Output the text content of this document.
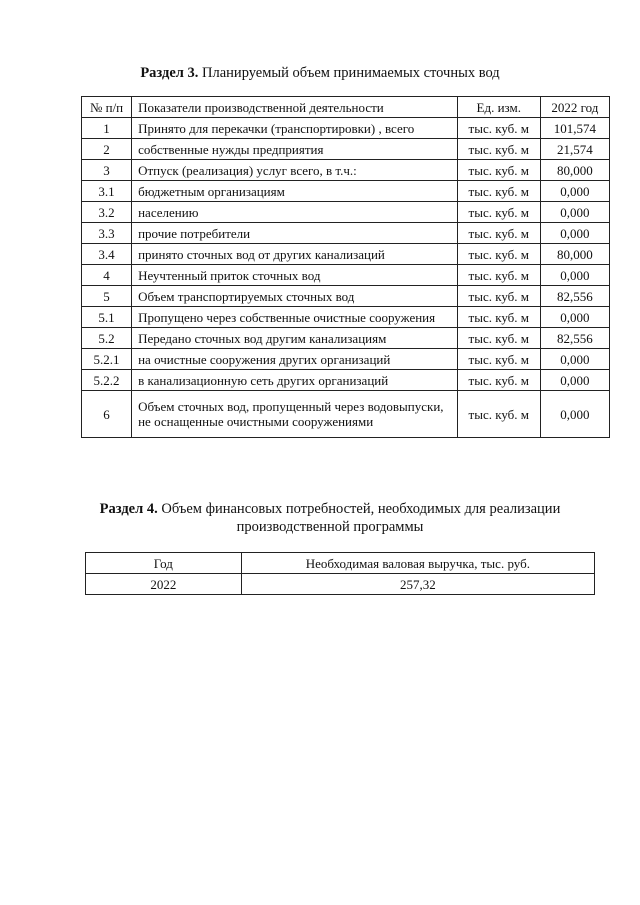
Раздел 3. Планируемый объем принимаемых сточных вод
№ п/п	Показатели производственной деятельности	Ед. изм.	2022 год
1	Принято для перекачки (транспортировки) , всего	тыс. куб. м	101,574
2	собственные нужды предприятия	тыс. куб. м	21,574
3	Отпуск (реализация) услуг всего, в т.ч.:	тыс. куб. м	80,000
3.1	бюджетным организациям	тыс. куб. м	0,000
3.2	населению	тыс. куб. м	0,000
3.3	прочие потребители	тыс. куб. м	0,000
3.4	принято сточных вод от других канализаций	тыс. куб. м	80,000
4	Неучтенный приток сточных вод	тыс. куб. м	0,000
5	Объем транспортируемых сточных вод	тыс. куб. м	82,556
5.1	Пропущено через собственные очистные сооружения	тыс. куб. м	0,000
5.2	Передано сточных вод другим канализациям	тыс. куб. м	82,556
5.2.1	на очистные сооружения других организаций	тыс. куб. м	0,000
5.2.2	в канализационную сеть других организаций	тыс. куб. м	0,000
6	Объем сточных вод, пропущенный через водовыпуски, не оснащенные очистными сооружениями	тыс. куб. м	0,000
Раздел 4. Объем финансовых потребностей, необходимых для реализации производственной программы
Год	Необходимая валовая выручка, тыс. руб.
2022	257,32
